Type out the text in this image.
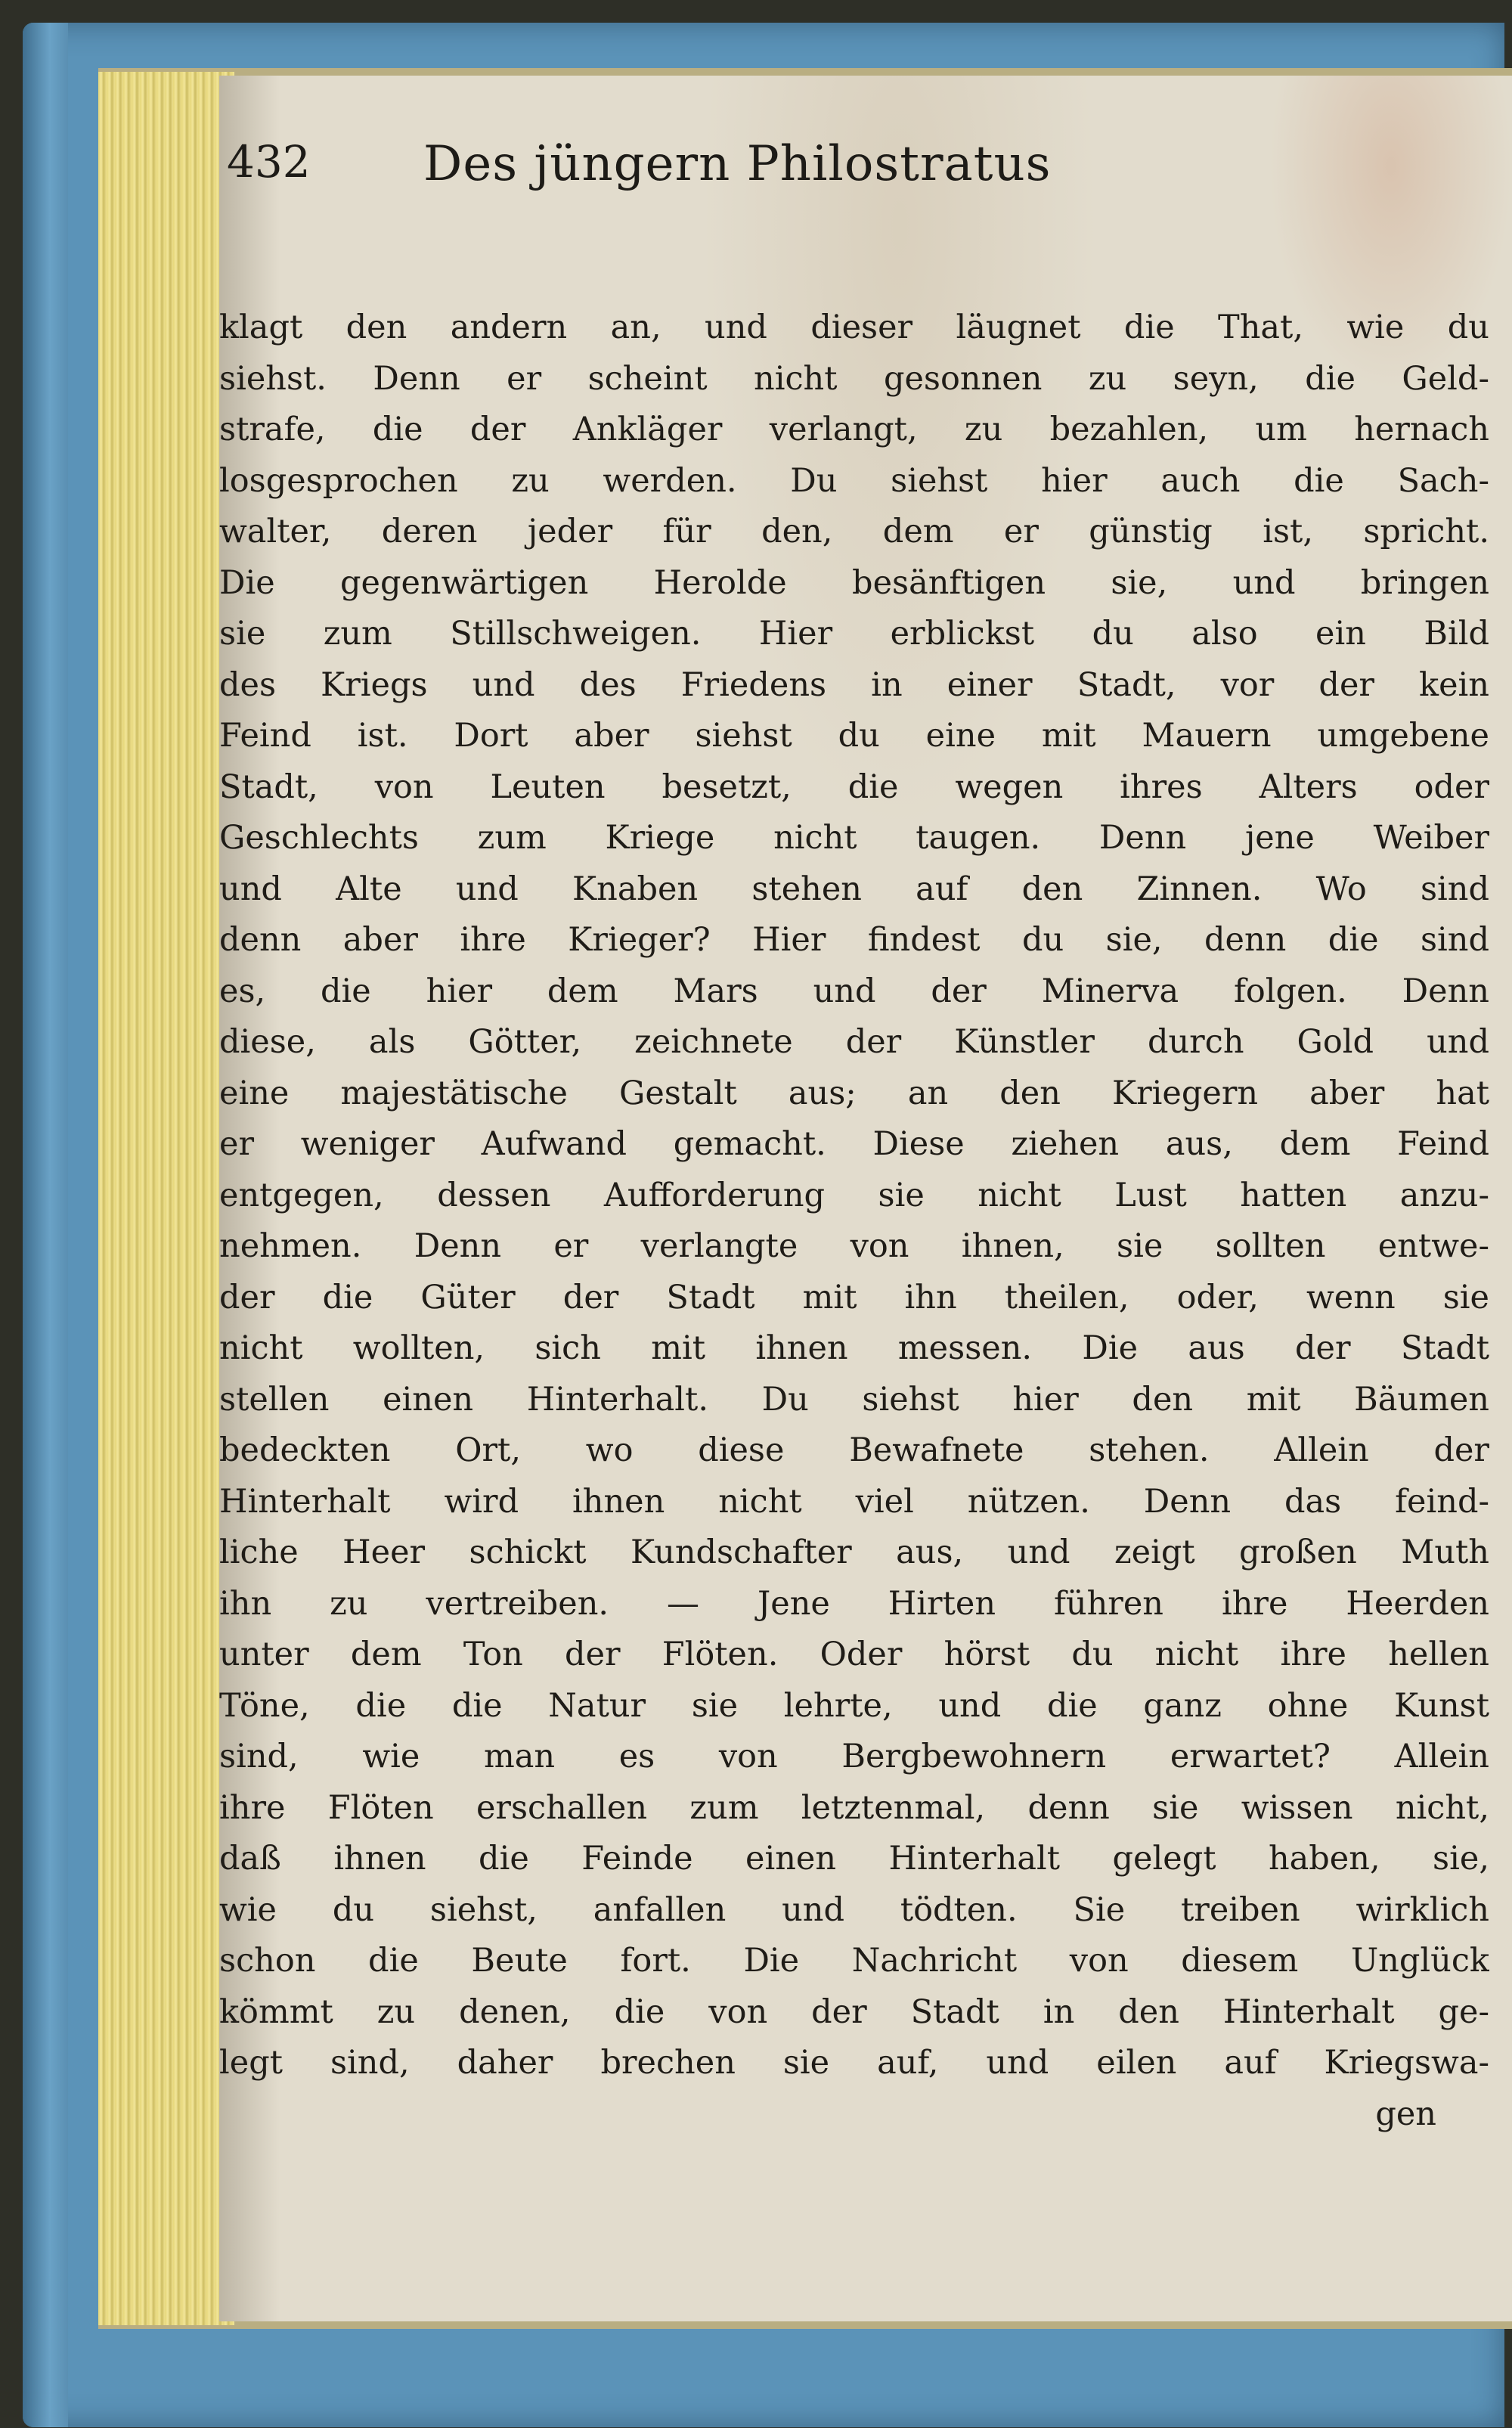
432 Des jüngern Philostratus
klagt den andern an, und dieser läugnet die That, wie du
siehst. Denn er scheint nicht gesonnen zu seyn, die Geld-
strafe, die der Ankläger verlangt, zu bezahlen, um hernach
losgesprochen zu werden. Du siehst hier auch die Sach-
walter, deren jeder für den, dem er günstig ist, spricht.
Die gegenwärtigen Herolde besänftigen sie, und bringen
sie zum Stillschweigen. Hier erblickst du also ein Bild
des Kriegs und des Friedens in einer Stadt, vor der kein
Feind ist. Dort aber siehst du eine mit Mauern umgebene
Stadt, von Leuten besetzt, die wegen ihres Alters oder
Geschlechts zum Kriege nicht taugen. Denn jene Weiber
und Alte und Knaben stehen auf den Zinnen. Wo sind
denn aber ihre Krieger? Hier findest du sie, denn die sind
es, die hier dem Mars und der Minerva folgen. Denn
diese, als Götter, zeichnete der Künstler durch Gold und
eine majestätische Gestalt aus; an den Kriegern aber hat
er weniger Aufwand gemacht. Diese ziehen aus, dem Feind
entgegen, dessen Aufforderung sie nicht Lust hatten anzu-
nehmen. Denn er verlangte von ihnen, sie sollten entwe-
der die Güter der Stadt mit ihn theilen, oder, wenn sie
nicht wollten, sich mit ihnen messen. Die aus der Stadt
stellen einen Hinterhalt. Du siehst hier den mit Bäumen
bedeckten Ort, wo diese Bewafnete stehen. Allein der
Hinterhalt wird ihnen nicht viel nützen. Denn das feind-
liche Heer schickt Kundschafter aus, und zeigt großen Muth
ihn zu vertreiben. — Jene Hirten führen ihre Heerden
unter dem Ton der Flöten. Oder hörst du nicht ihre hellen
Töne, die die Natur sie lehrte, und die ganz ohne Kunst
sind, wie man es von Bergbewohnern erwartet? Allein
ihre Flöten erschallen zum letztenmal, denn sie wissen nicht,
daß ihnen die Feinde einen Hinterhalt gelegt haben, sie,
wie du siehst, anfallen und tödten. Sie treiben wirklich
schon die Beute fort. Die Nachricht von diesem Unglück
kömmt zu denen, die von der Stadt in den Hinterhalt ge-
legt sind, daher brechen sie auf, und eilen auf Kriegswa-
gen
